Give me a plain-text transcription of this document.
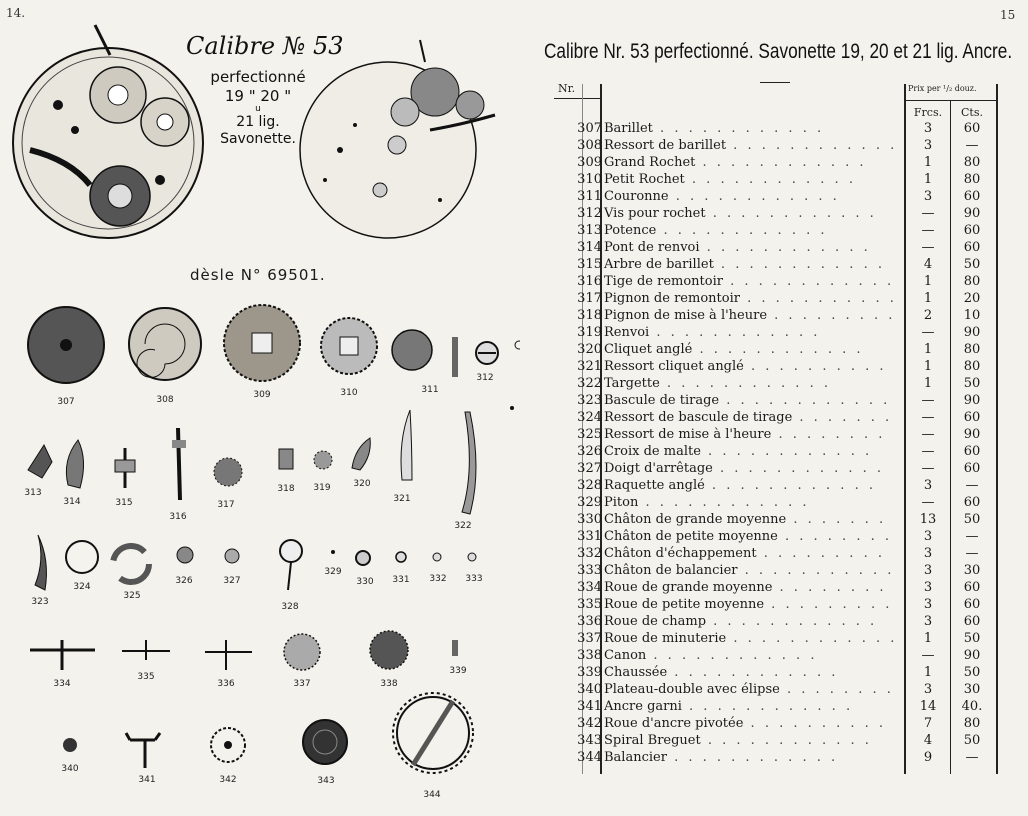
14.
Calibre № 53
perfectionné
19 " 20 "
u
21 lig.
Savonette.
dèsle N° 69501.
307	308	309	310	311
312
313
314	315
316
317
318 319	320
321
322
323
324
325
326	327
328
329
330 331 332 333
334
335
336	337	338
339
340
341	342	343
344
15
Calibre Nr. 53 perfectionné. Savonette 19, 20 et 21 lig. Ancre.
Nr.	Prix per ¹/₂ douz.
Frcs.	Cts.
307 Barillet . . . . . . . . . . . .	3	60
308 Ressort de barillet . . . . . . . . . . . .	3	—
309 Grand Rochet . . . . . . . . . . . .	1	80
310 Petit Rochet . . . . . . . . . . . .	1	80
311 Couronne . . . . . . . . . . . .	3	60
312 Vis pour rochet . . . . . . . . . . . .	—	90
313 Potence . . . . . . . . . . . .	—	60
314 Pont de renvoi . . . . . . . . . . . .	—	60
315 Arbre de barillet . . . . . . . . . . . .	4	50
316 Tige de remontoir . . . . . . . . . . . .	1	80
317 Pignon de remontoir . . . . . . . . . . .	1	20
318 Pignon de mise à l'heure . . . . . . . . .	2	10
319 Renvoi . . . . . . . . . . . .	—	90
320 Cliquet anglé . . . . . . . . . . . .	1	80
321 Ressort cliquet anglé . . . . . . . . . .	1	80
322 Targette . . . . . . . . . . . .	1	50
323 Bascule de tirage . . . . . . . . . . . .	—	90
324 Ressort de bascule de tirage . . . . . . .	—	60
325 Ressort de mise à l'heure . . . . . . . .	—	90
326 Croix de malte . . . . . . . . . . . .	—	60
327 Doigt d'arrêtage . . . . . . . . . . . .	—	60
328 Raquette anglé . . . . . . . . . . . .	3	—
329 Piton . . . . . . . . . . . .	—	60
330 Châton de grande moyenne . . . . . . .	13	50
331 Châton de petite moyenne . . . . . . . .	3	—
332 Châton d'échappement . . . . . . . . .	3	—
333 Châton de balancier . . . . . . . . . . .	3	30
334 Roue de grande moyenne . . . . . . . .	3	60
335 Roue de petite moyenne . . . . . . . . .	3	60
336 Roue de champ . . . . . . . . . . . .	3	60
337 Roue de minuterie . . . . . . . . . . . .	1	50
338 Canon . . . . . . . . . . . .	—	90
339 Chaussée . . . . . . . . . . . .	1	50
340 Plateau-double avec élipse . . . . . . . .	3	30
341 Ancre garni . . . . . . . . . . . .	14	40.
342 Roue d'ancre pivotée . . . . . . . . . .	7	80
343 Spiral Breguet . . . . . . . . . . . .	4	50
344 Balancier . . . . . . . . . . . .	9	—
